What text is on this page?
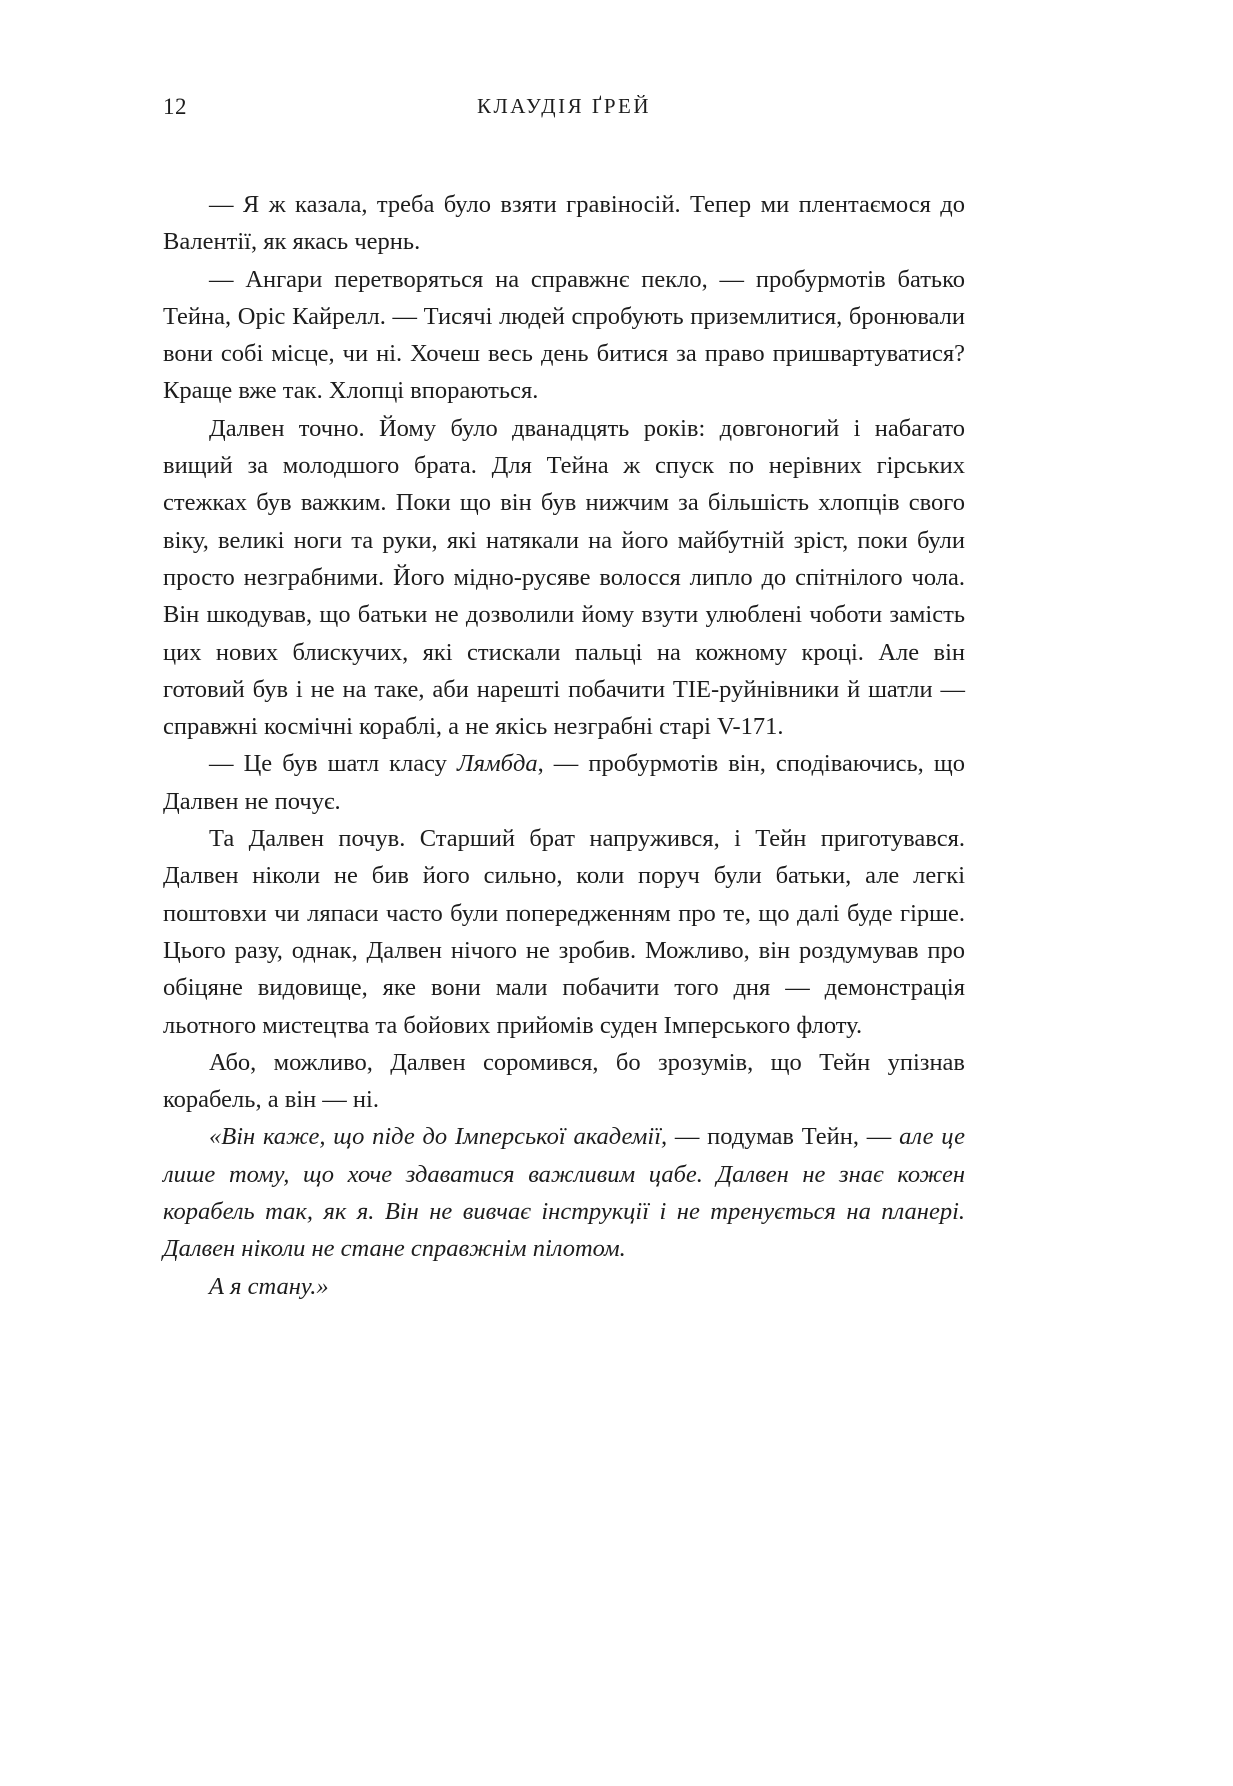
12	КЛАУДІЯ ҐРЕЙ

— Я ж казала, треба було взяти гравіносій. Тепер ми плентаємося до Валентії, як якась чернь.

— Ангари перетворяться на справжнє пекло, — пробурмотів батько Тейна, Оріс Кайрелл. — Тисячі людей спробують приземлитися, бронювали вони собі місце, чи ні. Хочеш весь день битися за право пришвартуватися? Краще вже так. Хлопці впораються.

Далвен точно. Йому було дванадцять років: довгоногий і набагато вищий за молодшого брата. Для Тейна ж спуск по нерівних гірських стежках був важким. Поки що він був нижчим за більшість хлопців свого віку, великі ноги та руки, які натякали на його майбутній зріст, поки були просто незграбними. Його мідно-русяве волосся липло до спітнілого чола. Він шкодував, що батьки не дозволили йому взути улюблені чоботи замість цих нових блискучих, які стискали пальці на кожному кроці. Але він готовий був і не на таке, аби нарешті побачити TIE-руйнівники й шатли — справжні космічні кораблі, а не якісь незграбні старі V-171.

— Це був шатл класу Лямбда, — пробурмотів він, сподіваючись, що Далвен не почує.

Та Далвен почув. Старший брат напружився, і Тейн приготувався. Далвен ніколи не бив його сильно, коли поруч були батьки, але легкі поштовхи чи ляпаси часто були попередженням про те, що далі буде гірше. Цього разу, однак, Далвен нічого не зробив. Можливо, він роздумував про обіцяне видовище, яке вони мали побачити того дня — демонстрація льотного мистецтва та бойових прийомів суден Імперського флоту.

Або, можливо, Далвен соромився, бо зрозумів, що Тейн упізнав корабель, а він — ні.

«Він каже, що піде до Імперської академії, — подумав Тейн, — але це лише тому, що хоче здаватися важливим цабе. Далвен не знає кожен корабель так, як я. Він не вивчає інструкції і не тренується на планері. Далвен ніколи не стане справжнім пілотом.

А я стану.»
